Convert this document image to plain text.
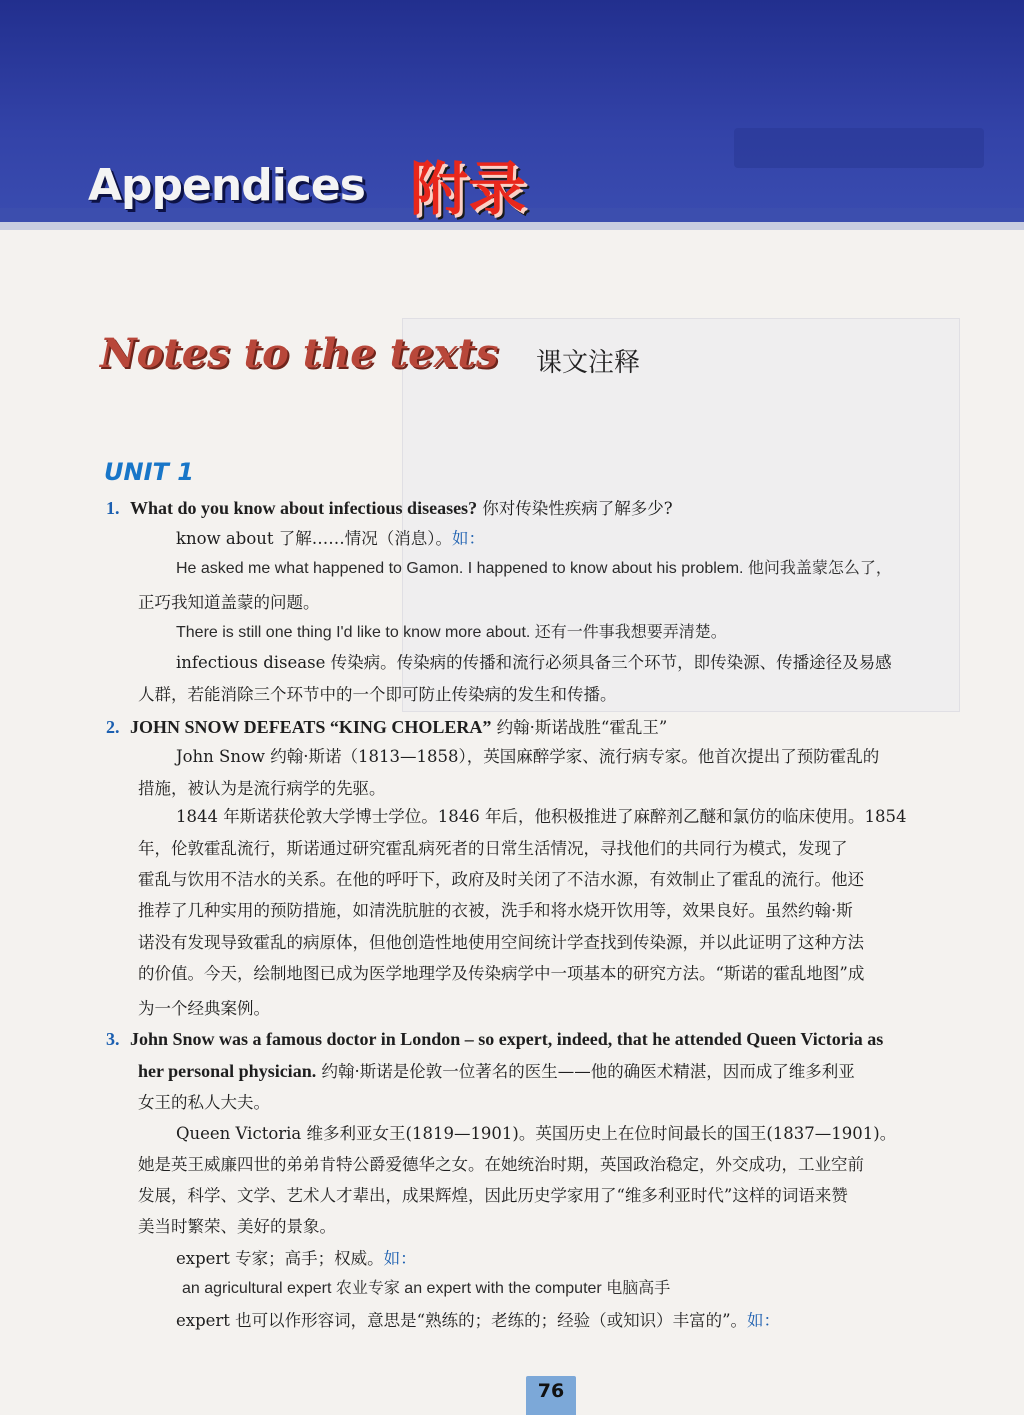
Appendices 附录
Notes to the texts 课文注释
UNIT 1
1. What do you know about infectious diseases? 你对传染性疾病了解多少?
know about 了解……情况（消息）。如：
He asked me what happened to Gamon. I happened to know about his problem. 他问我盖蒙怎么了，
正巧我知道盖蒙的问题。
There is still one thing I'd like to know more about. 还有一件事我想要弄清楚。
infectious disease 传染病。传染病的传播和流行必须具备三个环节，即传染源、传播途径及易感
人群，若能消除三个环节中的一个即可防止传染病的发生和传播。
2. JOHN SNOW DEFEATS “KING CHOLERA” 约翰·斯诺战胜“霍乱王”
John Snow 约翰·斯诺（1813—1858），英国麻醉学家、流行病专家。他首次提出了预防霍乱的
措施，被认为是流行病学的先驱。
1844 年斯诺获伦敦大学博士学位。1846 年后，他积极推进了麻醉剂乙醚和氯仿的临床使用。1854
年，伦敦霍乱流行，斯诺通过研究霍乱病死者的日常生活情况，寻找他们的共同行为模式，发现了
霍乱与饮用不洁水的关系。在他的呼吁下，政府及时关闭了不洁水源，有效制止了霍乱的流行。他还
推荐了几种实用的预防措施，如清洗肮脏的衣被，洗手和将水烧开饮用等，效果良好。虽然约翰·斯
诺没有发现导致霍乱的病原体，但他创造性地使用空间统计学查找到传染源，并以此证明了这种方法
的价值。今天，绘制地图已成为医学地理学及传染病学中一项基本的研究方法。“斯诺的霍乱地图”成
为一个经典案例。
3. John Snow was a famous doctor in London – so expert, indeed, that he attended Queen Victoria as
her personal physician. 约翰·斯诺是伦敦一位著名的医生——他的确医术精湛，因而成了维多利亚
女王的私人大夫。
Queen Victoria 维多利亚女王(1819—1901)。英国历史上在位时间最长的国王(1837—1901)。
她是英王威廉四世的弟弟肯特公爵爱德华之女。在她统治时期，英国政治稳定，外交成功，工业空前
发展，科学、文学、艺术人才辈出，成果辉煌，因此历史学家用了“维多利亚时代”这样的词语来赞
美当时繁荣、美好的景象。
expert 专家；高手；权威。如：
an agricultural expert 农业专家 an expert with the computer 电脑高手
expert 也可以作形容词，意思是“熟练的；老练的；经验（或知识）丰富的”。如：
76
